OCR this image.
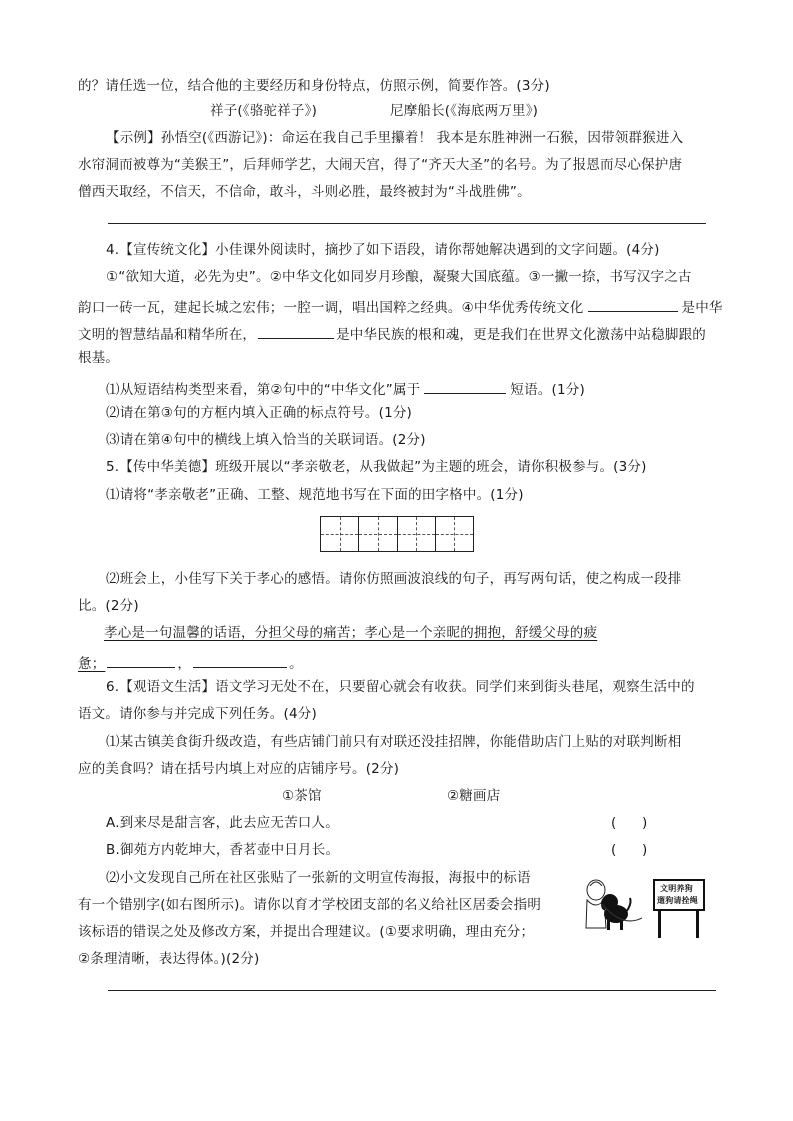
的？请任选一位，结合他的主要经历和身份特点，仿照示例，简要作答。(3分)
祥子(《骆驼祥子》)	尼摩船长(《海底两万里》)
【示例】孙悟空(《西游记》)：命运在我自己手里攥着！ 我本是东胜神洲一石猴，因带领群猴进入
水帘洞而被尊为“美猴王”，后拜师学艺，大闹天宫，得了“齐天大圣”的名号。为了报恩而尽心保护唐
僧西天取经，不信天，不信命，敢斗，斗则必胜，最终被封为“斗战胜佛”。
4.【宣传统文化】小佳课外阅读时，摘抄了如下语段，请你帮她解决遇到的文字问题。(4分)
①“欲知大道，必先为史”。②中华文化如同岁月珍酿，凝聚大国底蕴。③一撇一捺，书写汉字之古
韵口一砖一瓦，建起长城之宏伟；一腔一调，唱出国粹之经典。④中华优秀传统文化	是中华
文明的智慧结晶和精华所在，	是中华民族的根和魂，更是我们在世界文化激荡中站稳脚跟的
根基。
⑴从短语结构类型来看，第②句中的“中华文化”属于	短语。(1分)
⑵请在第③句的方框内填入正确的标点符号。(1分)
⑶请在第④句中的横线上填入恰当的关联词语。(2分)
5.【传中华美德】班级开展以“孝亲敬老，从我做起”为主题的班会，请你积极参与。(3分)
⑴请将“孝亲敬老”正确、工整、规范地书写在下面的田字格中。(1分)
⑵班会上，小佳写下关于孝心的感悟。请你仿照画波浪线的句子，再写两句话，使之构成一段排
比。(2分)
孝心是一句温馨的话语，分担父母的痛苦；孝心是一个亲昵的拥抱，舒缓父母的疲
惫；	，	。
6.【观语文生活】语文学习无处不在，只要留心就会有收获。同学们来到街头巷尾，观察生活中的
语文。请你参与并完成下列任务。(4分)
⑴某古镇美食街升级改造，有些店铺门前只有对联还没挂招牌，你能借助店门上贴的对联判断相
应的美食吗？请在括号内填上对应的店铺序号。(2分)
①茶馆	②糖画店
A.到来尽是甜言客，此去应无苦口人。	(      )
B.御苑方内乾坤大，香茗壶中日月长。	(      )
⑵小文发现自己所在社区张贴了一张新的文明宣传海报，海报中的标语
有一个错别字(如右图所示)。请你以育才学校团支部的名义给社区居委会指明
该标语的错误之处及修改方案，并提出合理建议。(①要求明确，理由充分；
②条理清晰，表达得体。)(2分)
文明养狗
遛狗请拴绳
